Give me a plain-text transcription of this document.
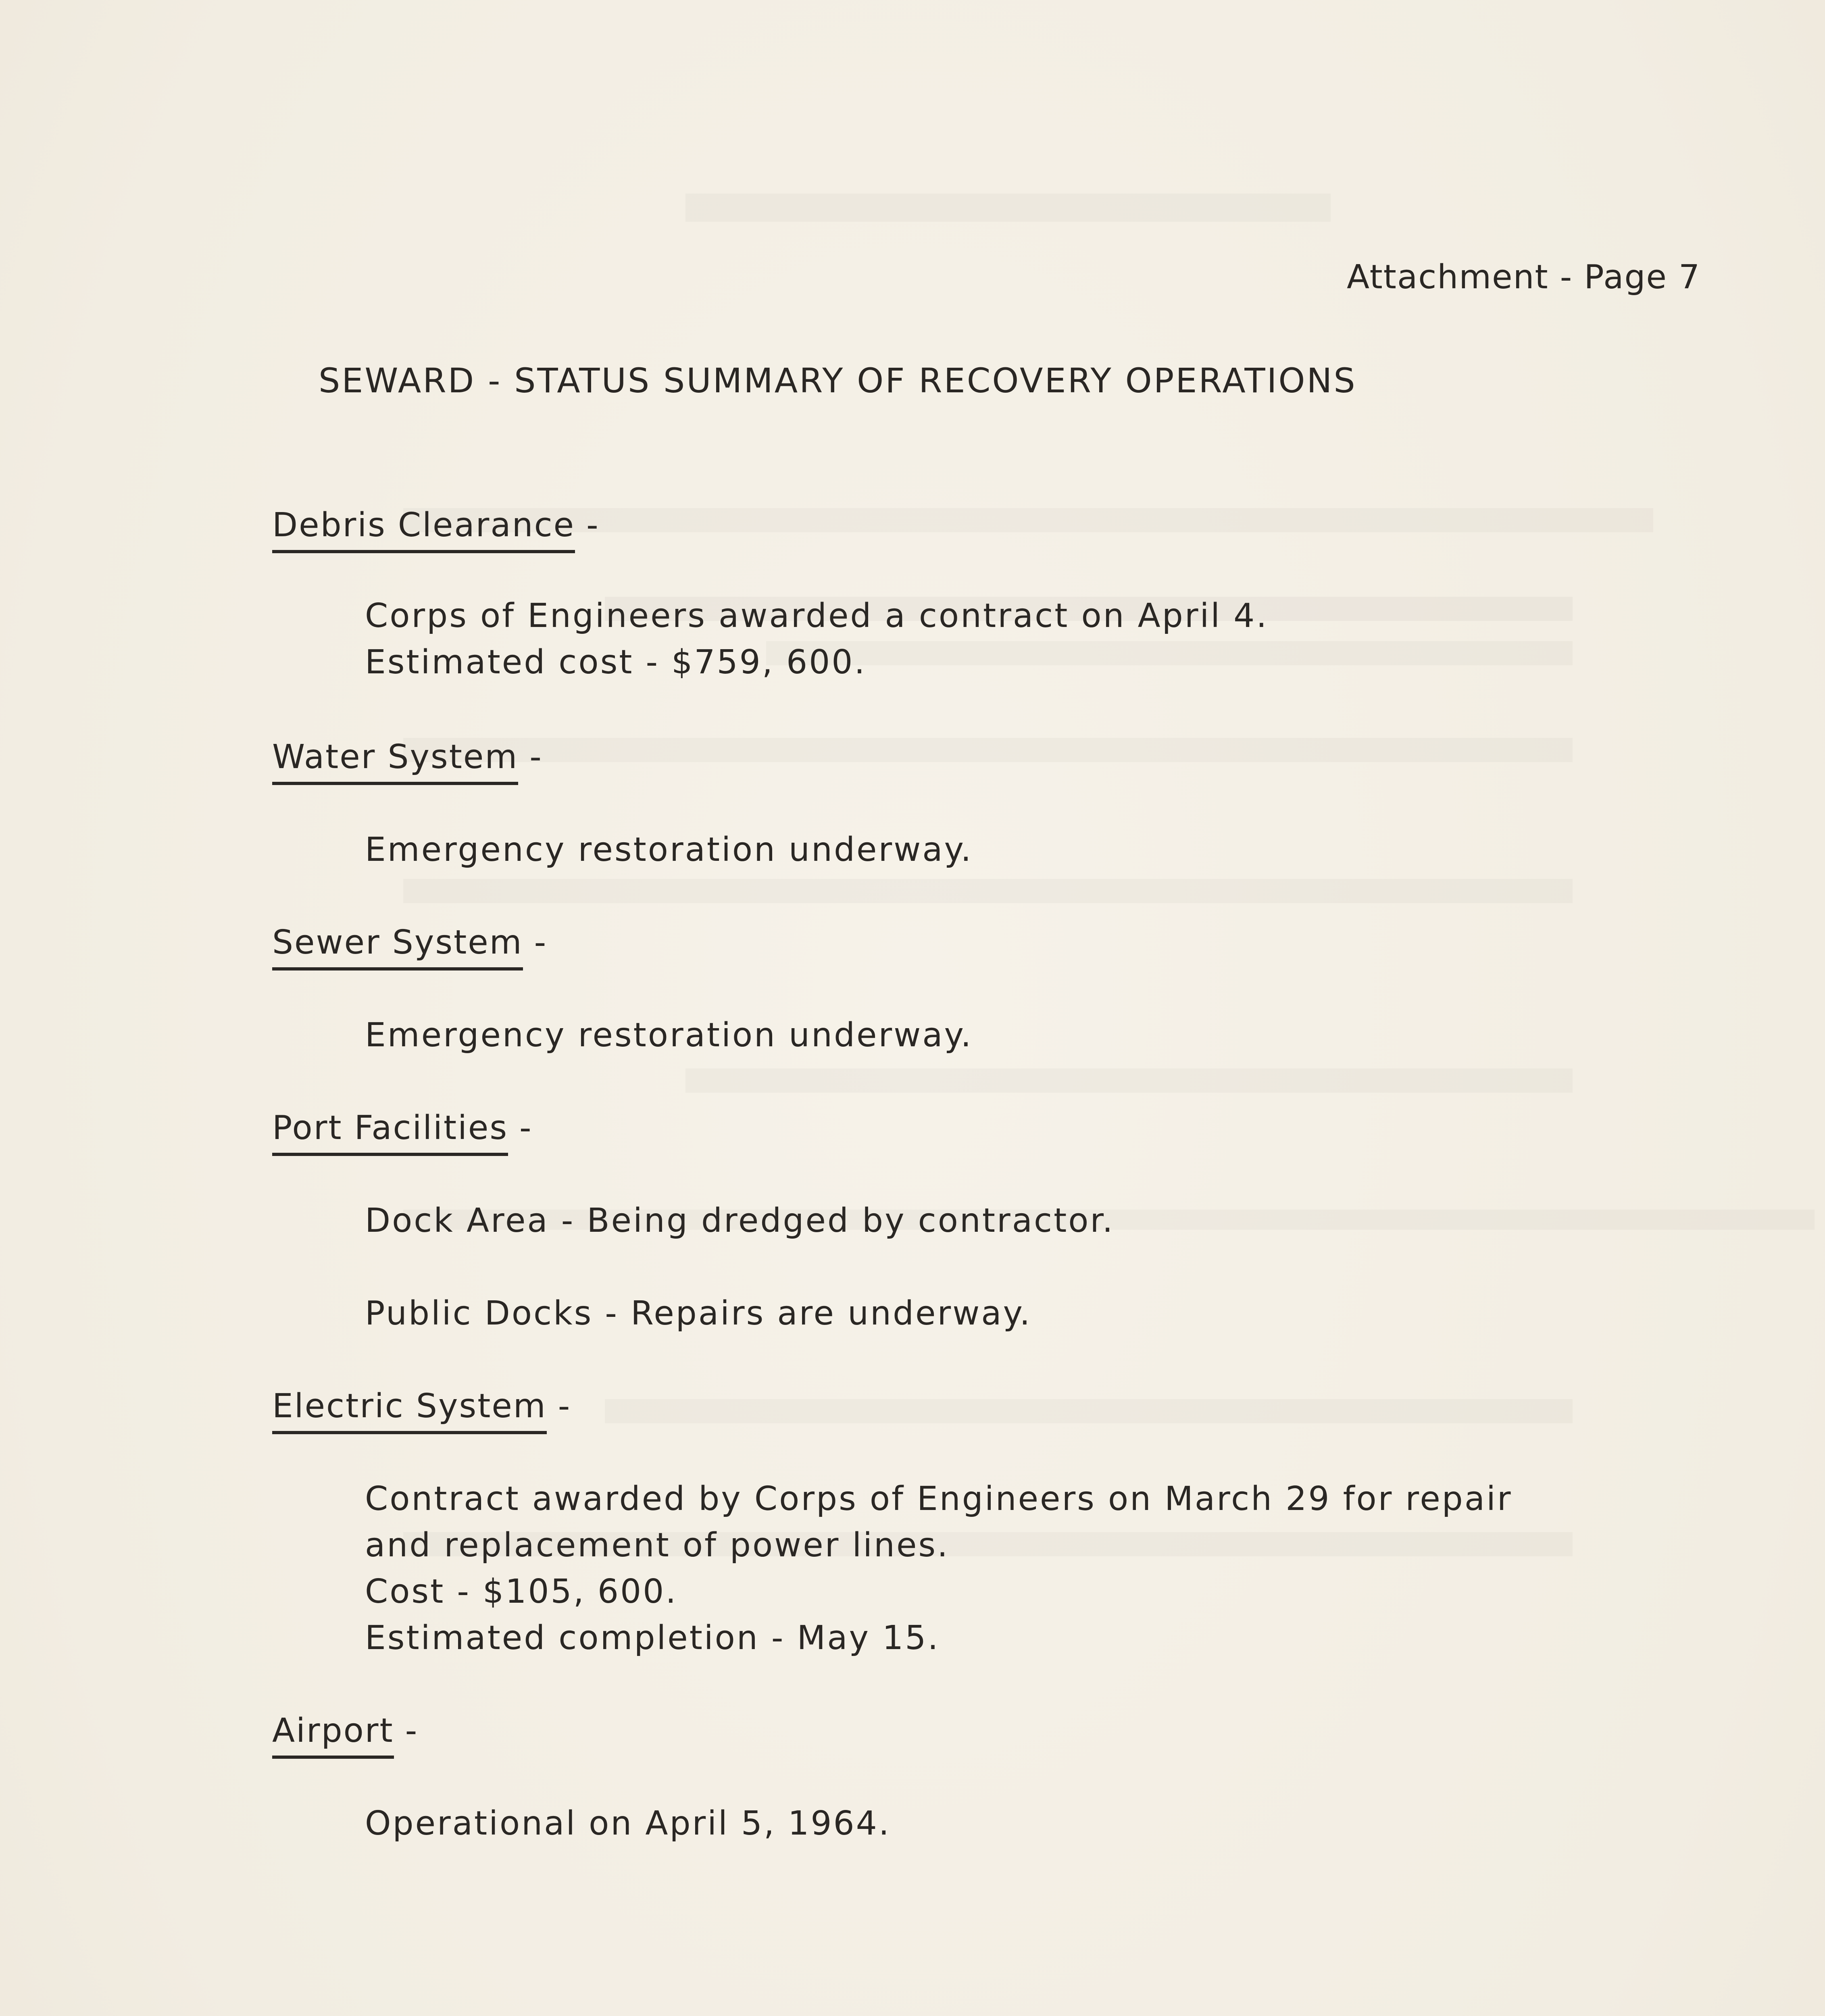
Attachment - Page 7
SEWARD - STATUS SUMMARY OF RECOVERY OPERATIONS
Debris Clearance -
Corps of Engineers awarded a contract on April 4.
Estimated cost - $759, 600.
Water System -
Emergency restoration underway.
Sewer System -
Emergency restoration underway.
Port Facilities -
Dock Area - Being dredged by contractor.
Public Docks - Repairs are underway.
Electric System -
Contract awarded by Corps of Engineers on March 29 for repair
and replacement of power lines.
Cost - $105, 600.
Estimated completion - May 15.
Airport -
Operational on April 5, 1964.
